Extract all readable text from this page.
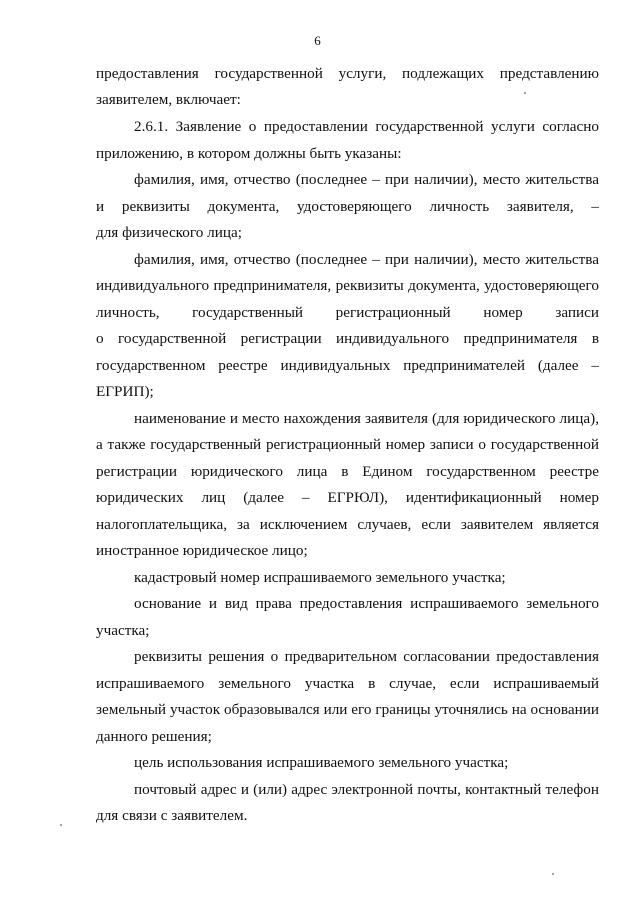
6
предоставления государственной услуги, подлежащих представлению
заявителем, включает:
2.6.1. Заявление о предоставлении государственной услуги согласно
приложению, в котором должны быть указаны:
фамилия, имя, отчество (последнее – при наличии), место жительства
и реквизиты документа, удостоверяющего личность заявителя, –
для физического лица;
фамилия, имя, отчество (последнее – при наличии), место жительства
индивидуального предпринимателя, реквизиты документа, удостоверяющего
личность, государственный регистрационный номер записи
о государственной регистрации индивидуального предпринимателя в
государственном реестре индивидуальных предпринимателей (далее –
ЕГРИП);
наименование и место нахождения заявителя (для юридического лица),
а также государственный регистрационный номер записи о государственной
регистрации юридического лица в Едином государственном реестре
юридических лиц (далее – ЕГРЮЛ), идентификационный номер
налогоплательщика, за исключением случаев, если заявителем является
иностранное юридическое лицо;
кадастровый номер испрашиваемого земельного участка;
основание и вид права предоставления испрашиваемого земельного
участка;
реквизиты решения о предварительном согласовании предоставления
испрашиваемого земельного участка в случае, если испрашиваемый
земельный участок образовывался или его границы уточнялись на основании
данного решения;
цель использования испрашиваемого земельного участка;
почтовый адрес и (или) адрес электронной почты, контактный телефон
для связи с заявителем.
